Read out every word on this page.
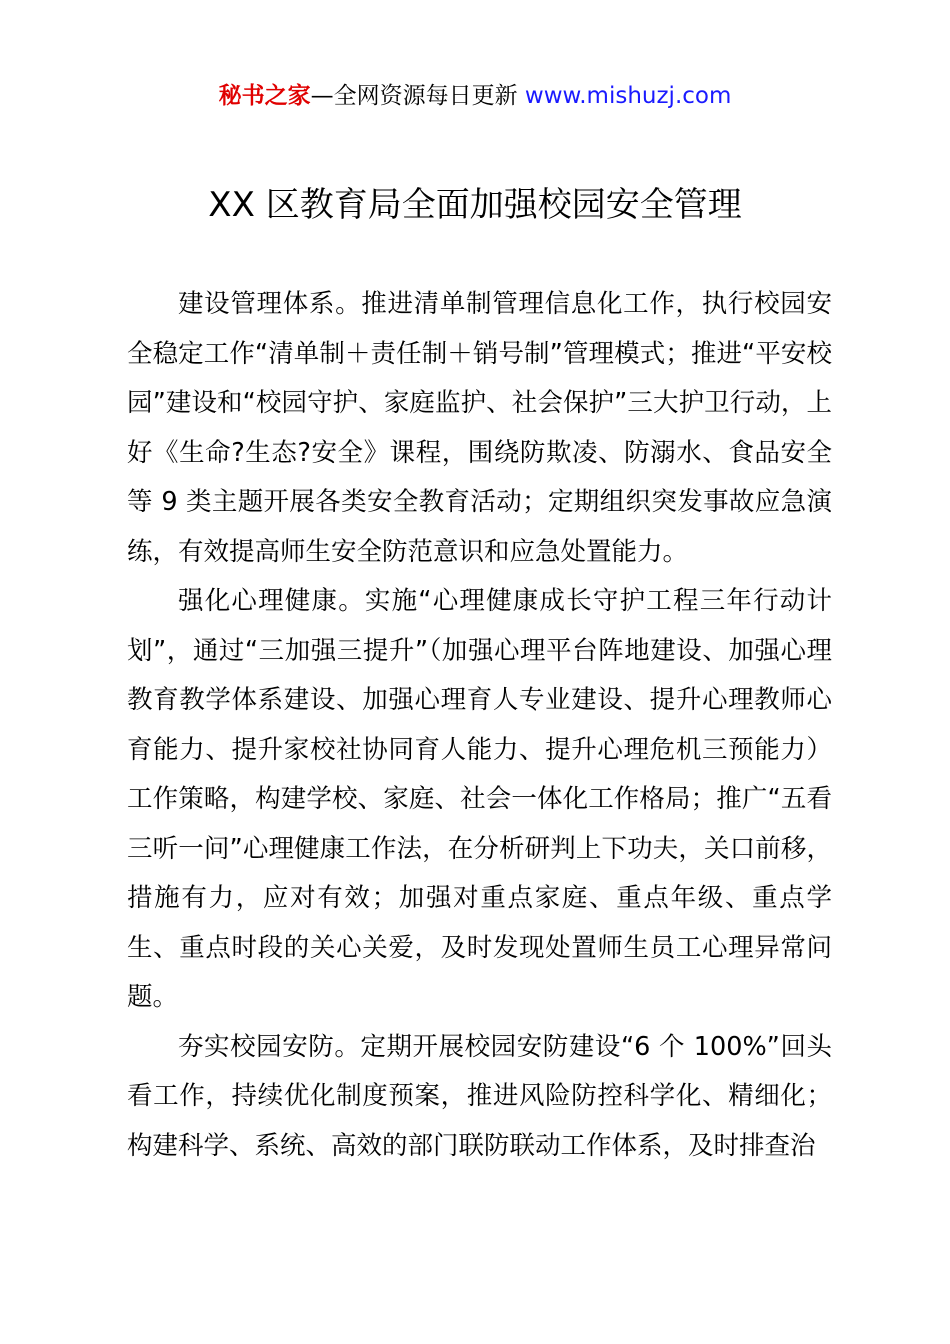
秘书之家—全网资源每日更新 www.mishuzj.com
XX 区教育局全面加强校园安全管理

建设管理体系。推进清单制管理信息化工作，执行校园安全稳定工作“清单制＋责任制＋销号制”管理模式；推进“平安校园”建设和“校园守护、家庭监护、社会保护”三大护卫行动，上好《生命?生态?安全》课程，围绕防欺凌、防溺水、食品安全等 9 类主题开展各类安全教育活动；定期组织突发事故应急演练，有效提高师生安全防范意识和应急处置能力。

强化心理健康。实施“心理健康成长守护工程三年行动计划”，通过“三加强三提升”（加强心理平台阵地建设、加强心理教育教学体系建设、加强心理育人专业建设、提升心理教师心育能力、提升家校社协同育人能力、提升心理危机三预能力）工作策略，构建学校、家庭、社会一体化工作格局；推广“五看三听一问”心理健康工作法，在分析研判上下功夫，关口前移，措施有力，应对有效；加强对重点家庭、重点年级、重点学生、重点时段的关心关爱，及时发现处置师生员工心理异常问题。

夯实校园安防。定期开展校园安防建设“6 个 100%”回头看工作，持续优化制度预案，推进风险防控科学化、精细化；构建科学、系统、高效的部门联防联动工作体系，及时排查治
